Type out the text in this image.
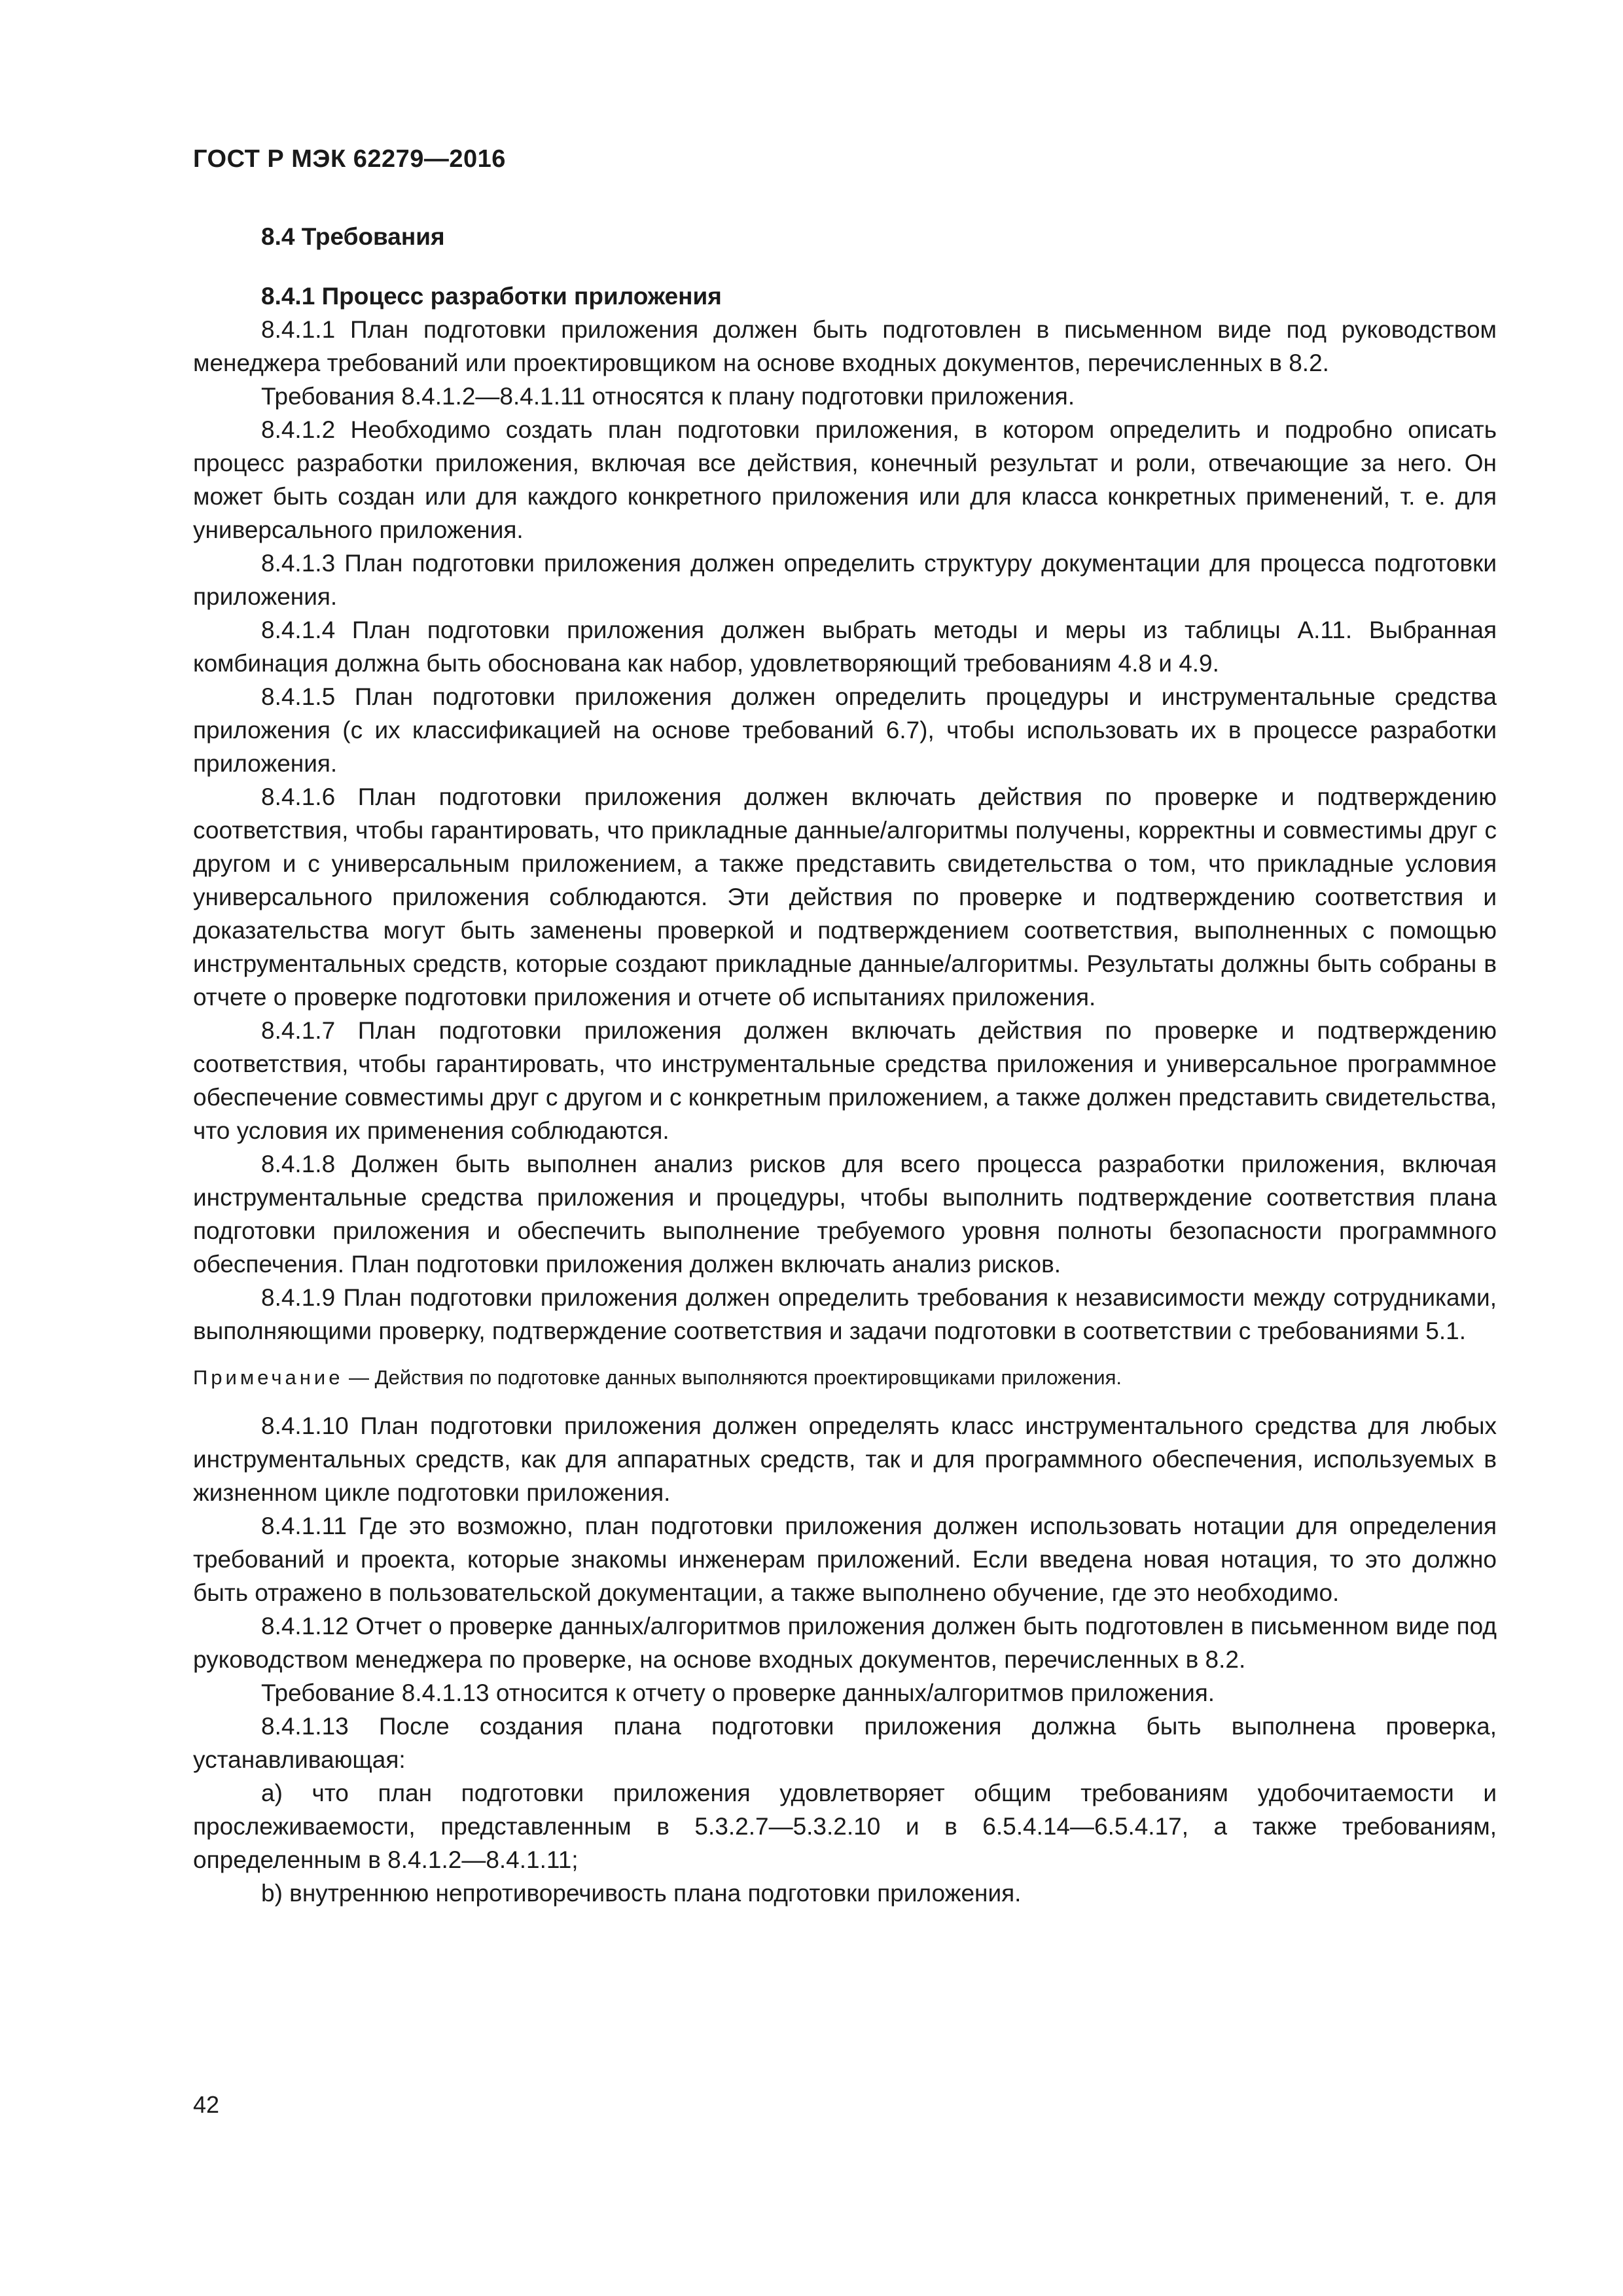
ГОСТ Р МЭК 62279—2016

8.4 Требования

8.4.1 Процесс разработки приложения

8.4.1.1 План подготовки приложения должен быть подготовлен в письменном виде под руководством менеджера требований или проектировщиком на основе входных документов, перечисленных в 8.2.

Требования 8.4.1.2—8.4.1.11 относятся к плану подготовки приложения.

8.4.1.2 Необходимо создать план подготовки приложения, в котором определить и подробно описать процесс разработки приложения, включая все действия, конечный результат и роли, отвечающие за него. Он может быть создан или для каждого конкретного приложения или для класса конкретных применений, т. е. для универсального приложения.

8.4.1.3 План подготовки приложения должен определить структуру документации для процесса подготовки приложения.

8.4.1.4 План подготовки приложения должен выбрать методы и меры из таблицы А.11. Выбранная комбинация должна быть обоснована как набор, удовлетворяющий требованиям 4.8 и 4.9.

8.4.1.5 План подготовки приложения должен определить процедуры и инструментальные средства приложения (с их классификацией на основе требований 6.7), чтобы использовать их в процессе разработки приложения.

8.4.1.6 План подготовки приложения должен включать действия по проверке и подтверждению соответствия, чтобы гарантировать, что прикладные данные/алгоритмы получены, корректны и совместимы друг с другом и с универсальным приложением, а также представить свидетельства о том, что прикладные условия универсального приложения соблюдаются. Эти действия по проверке и подтверждению соответствия и доказательства могут быть заменены проверкой и подтверждением соответствия, выполненных с помощью инструментальных средств, которые создают прикладные данные/алгоритмы. Результаты должны быть собраны в отчете о проверке подготовки приложения и отчете об испытаниях приложения.

8.4.1.7 План подготовки приложения должен включать действия по проверке и подтверждению соответствия, чтобы гарантировать, что инструментальные средства приложения и универсальное программное обеспечение совместимы друг с другом и с конкретным приложением, а также должен представить свидетельства, что условия их применения соблюдаются.

8.4.1.8 Должен быть выполнен анализ рисков для всего процесса разработки приложения, включая инструментальные средства приложения и процедуры, чтобы выполнить подтверждение соответствия плана подготовки приложения и обеспечить выполнение требуемого уровня полноты безопасности программного обеспечения. План подготовки приложения должен включать анализ рисков.

8.4.1.9 План подготовки приложения должен определить требования к независимости между сотрудниками, выполняющими проверку, подтверждение соответствия и задачи подготовки в соответствии с требованиями 5.1.

Примечание — Действия по подготовке данных выполняются проектировщиками приложения.

8.4.1.10 План подготовки приложения должен определять класс инструментального средства для любых инструментальных средств, как для аппаратных средств, так и для программного обеспечения, используемых в жизненном цикле подготовки приложения.

8.4.1.11 Где это возможно, план подготовки приложения должен использовать нотации для определения требований и проекта, которые знакомы инженерам приложений. Если введена новая нотация, то это должно быть отражено в пользовательской документации, а также выполнено обучение, где это необходимо.

8.4.1.12 Отчет о проверке данных/алгоритмов приложения должен быть подготовлен в письменном виде под руководством менеджера по проверке, на основе входных документов, перечисленных в 8.2.

Требование 8.4.1.13 относится к отчету о проверке данных/алгоритмов приложения.

8.4.1.13 После создания плана подготовки приложения должна быть выполнена проверка, устанавливающая:

a) что план подготовки приложения удовлетворяет общим требованиям удобочитаемости и прослеживаемости, представленным в 5.3.2.7—5.3.2.10 и в 6.5.4.14—6.5.4.17, а также требованиям, определенным в 8.4.1.2—8.4.1.11;

b) внутреннюю непротиворечивость плана подготовки приложения.

42
